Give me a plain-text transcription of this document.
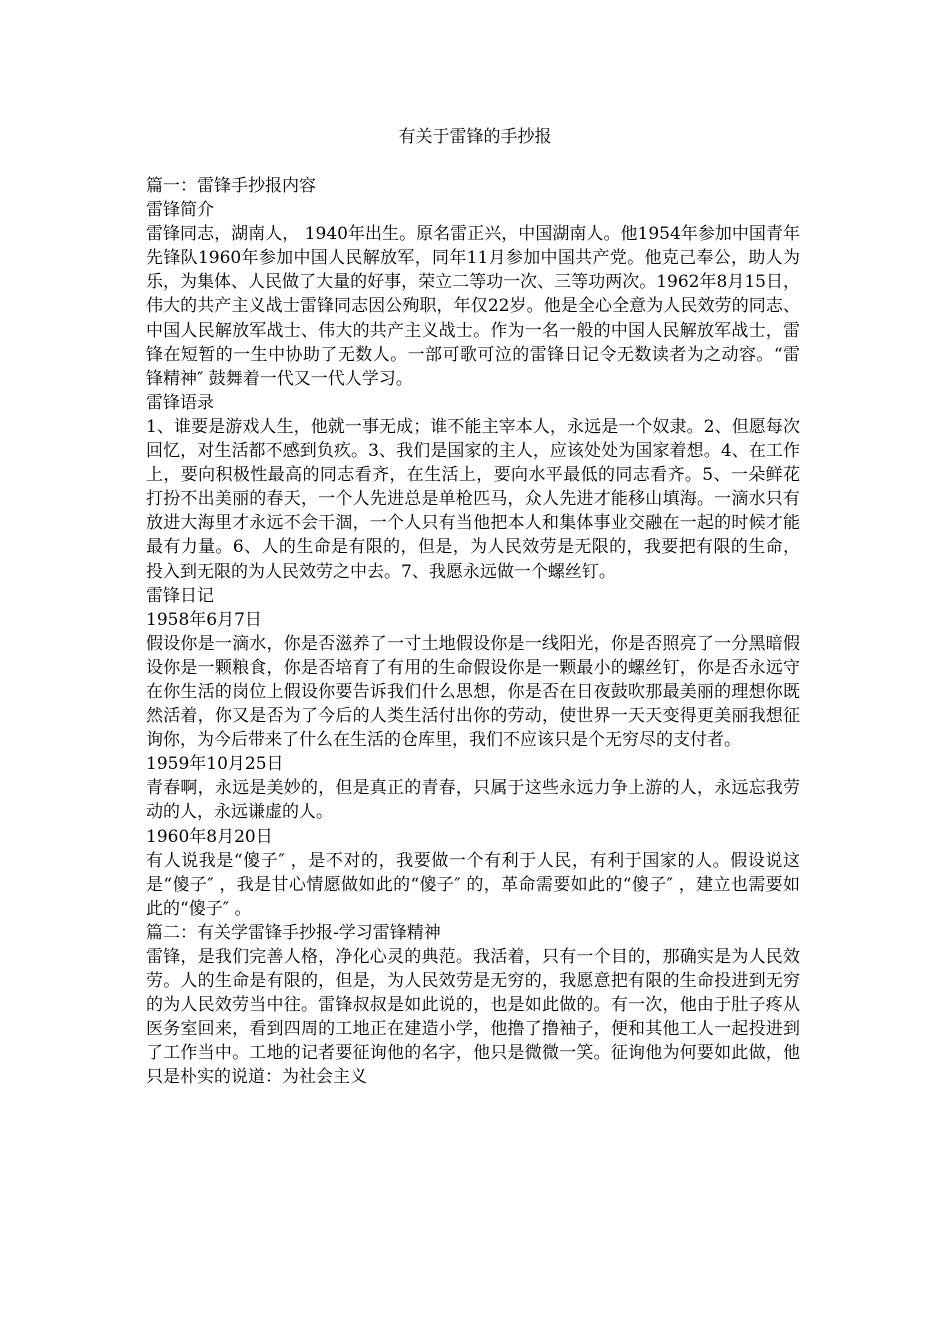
有关于雷锋的手抄报

篇一：雷锋手抄报内容

雷锋简介

雷锋同志，湖南人， 1940年出生。原名雷正兴，中国湖南人。他1954年参加中国青年先锋队1960年参加中国人民解放军，同年11月参加中国共产党。他克己奉公，助人为乐，为集体、人民做了大量的好事，荣立二等功一次、三等功两次。1962年8月15日，伟大的共产主义战士雷锋同志因公殉职，年仅22岁。他是全心全意为人民效劳的同志、中国人民解放军战士、伟大的共产主义战士。作为一名一般的中国人民解放军战士，雷锋在短暂的一生中协助了无数人。一部可歌可泣的雷锋日记令无数读者为之动容。“雷锋精神″ 鼓舞着一代又一代人学习。

雷锋语录

1、谁要是游戏人生，他就一事无成；谁不能主宰本人，永远是一个奴隶。2、但愿每次回忆，对生活都不感到负疚。3、我们是国家的主人，应该处处为国家着想。4、在工作上，要向积极性最高的同志看齐，在生活上，要向水平最低的同志看齐。5、一朵鲜花打扮不出美丽的春天，一个人先进总是单枪匹马，众人先进才能移山填海。一滴水只有放进大海里才永远不会干涸，一个人只有当他把本人和集体事业交融在一起的时候才能最有力量。6、人的生命是有限的，但是，为人民效劳是无限的，我要把有限的生命，投入到无限的为人民效劳之中去。7、我愿永远做一个螺丝钉。

雷锋日记

1958年6月7日

假设你是一滴水，你是否滋养了一寸土地假设你是一线阳光，你是否照亮了一分黑暗假设你是一颗粮食，你是否培育了有用的生命假设你是一颗最小的螺丝钉，你是否永远守在你生活的岗位上假设你要告诉我们什么思想，你是否在日夜鼓吹那最美丽的理想你既然活着，你又是否为了今后的人类生活付出你的劳动，使世界一天天变得更美丽我想征询你，为今后带来了什么在生活的仓库里，我们不应该只是个无穷尽的支付者。

1959年10月25日

青春啊，永远是美妙的，但是真正的青春，只属于这些永远力争上游的人，永远忘我劳动的人，永远谦虚的人。

1960年8月20日

有人说我是“傻子″ ，是不对的，我要做一个有利于人民，有利于国家的人。假设说这是“傻子″ ，我是甘心情愿做如此的“傻子″ 的，革命需要如此的“傻子″ ，建立也需要如此的“傻子″ 。

篇二：有关学雷锋手抄报-学习雷锋精神

雷锋，是我们完善人格，净化心灵的典范。我活着，只有一个目的，那确实是为人民效劳。人的生命是有限的，但是，为人民效劳是无穷的，我愿意把有限的生命投进到无穷的为人民效劳当中往。雷锋叔叔是如此说的，也是如此做的。有一次，他由于肚子疼从医务室回来，看到四周的工地正在建造小学，他撸了撸袖子，便和其他工人一起投进到了工作当中。工地的记者要征询他的名字，他只是微微一笑。征询他为何要如此做，他只是朴实的说道：为社会主义
